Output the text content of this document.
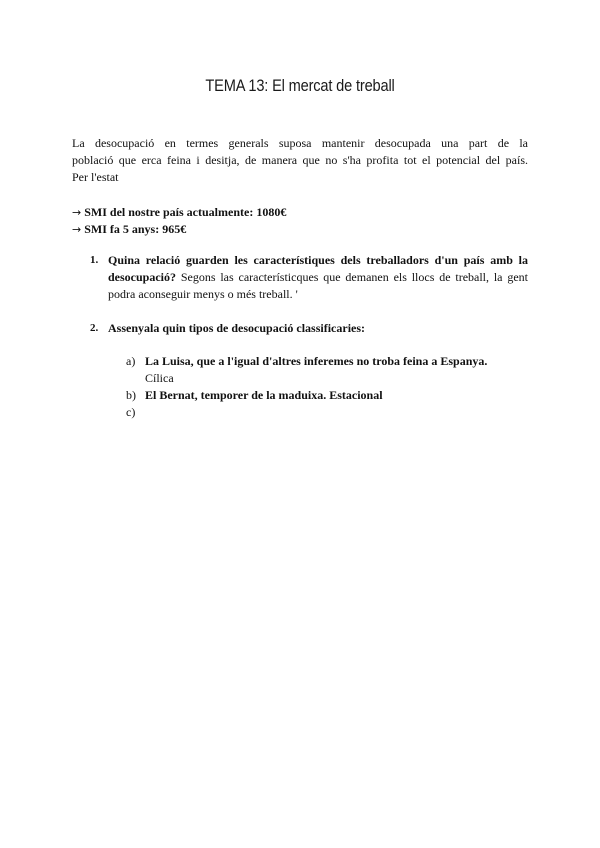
TEMA 13: El mercat de treball
La desocupació en termes generals suposa mantenir desocupada una part de la
població que erca feina i desitja, de manera que no s'ha profita tot el potencial del país.
Per l'estat
→ SMI del nostre país actualmente: 1080€
→ SMI fa 5 anys: 965€
1. Quina relació guarden les característiques dels treballadors d'un país amb la desocupació? Segons las característicques que demanen els llocs de treball, la gent podra aconseguir menys o més treball. '
2. Assenyala quin tipos de desocupació classificaries:
a) La Luisa, que a l'igual d'altres inferemes no troba feina a Espanya.
Cílica
b) El Bernat, temporer de la maduixa. Estacional
c)
